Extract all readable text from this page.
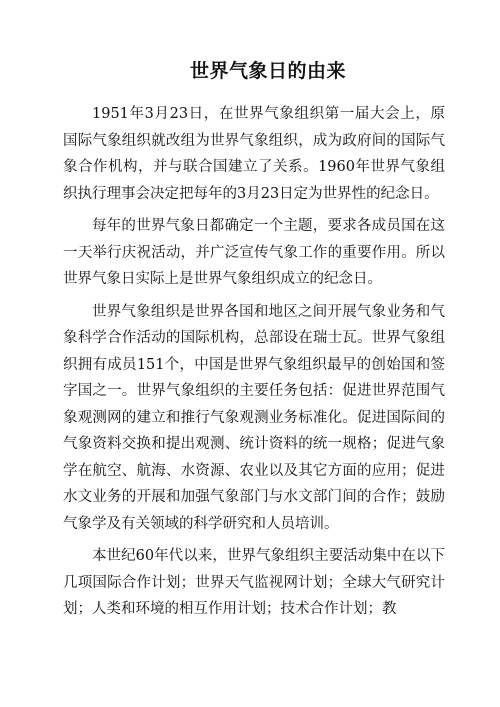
世界气象日的由来

1951年3月23日，在世界气象组织第一届大会上，原国际气象组织就改组为世界气象组织，成为政府间的国际气象合作机构，并与联合国建立了关系。1960年世界气象组织执行理事会决定把每年的3月23日定为世界性的纪念日。

每年的世界气象日都确定一个主题，要求各成员国在这一天举行庆祝活动，并广泛宣传气象工作的重要作用。所以世界气象日实际上是世界气象组织成立的纪念日。

世界气象组织是世界各国和地区之间开展气象业务和气象科学合作活动的国际机构，总部设在瑞士瓦。世界气象组织拥有成员151个，中国是世界气象组织最早的创始国和签字国之一。世界气象组织的主要任务包括：促进世界范围气象观测网的建立和推行气象观测业务标准化。促进国际间的气象资料交换和提出观测、统计资料的统一规格；促进气象学在航空、航海、水资源、农业以及其它方面的应用；促进水文业务的开展和加强气象部门与水文部门间的合作；鼓励气象学及有关领域的科学研究和人员培训。

本世纪60年代以来，世界气象组织主要活动集中在以下几项国际合作计划；世界天气监视网计划；全球大气研究计划；人类和环境的相互作用计划；技术合作计划；教
